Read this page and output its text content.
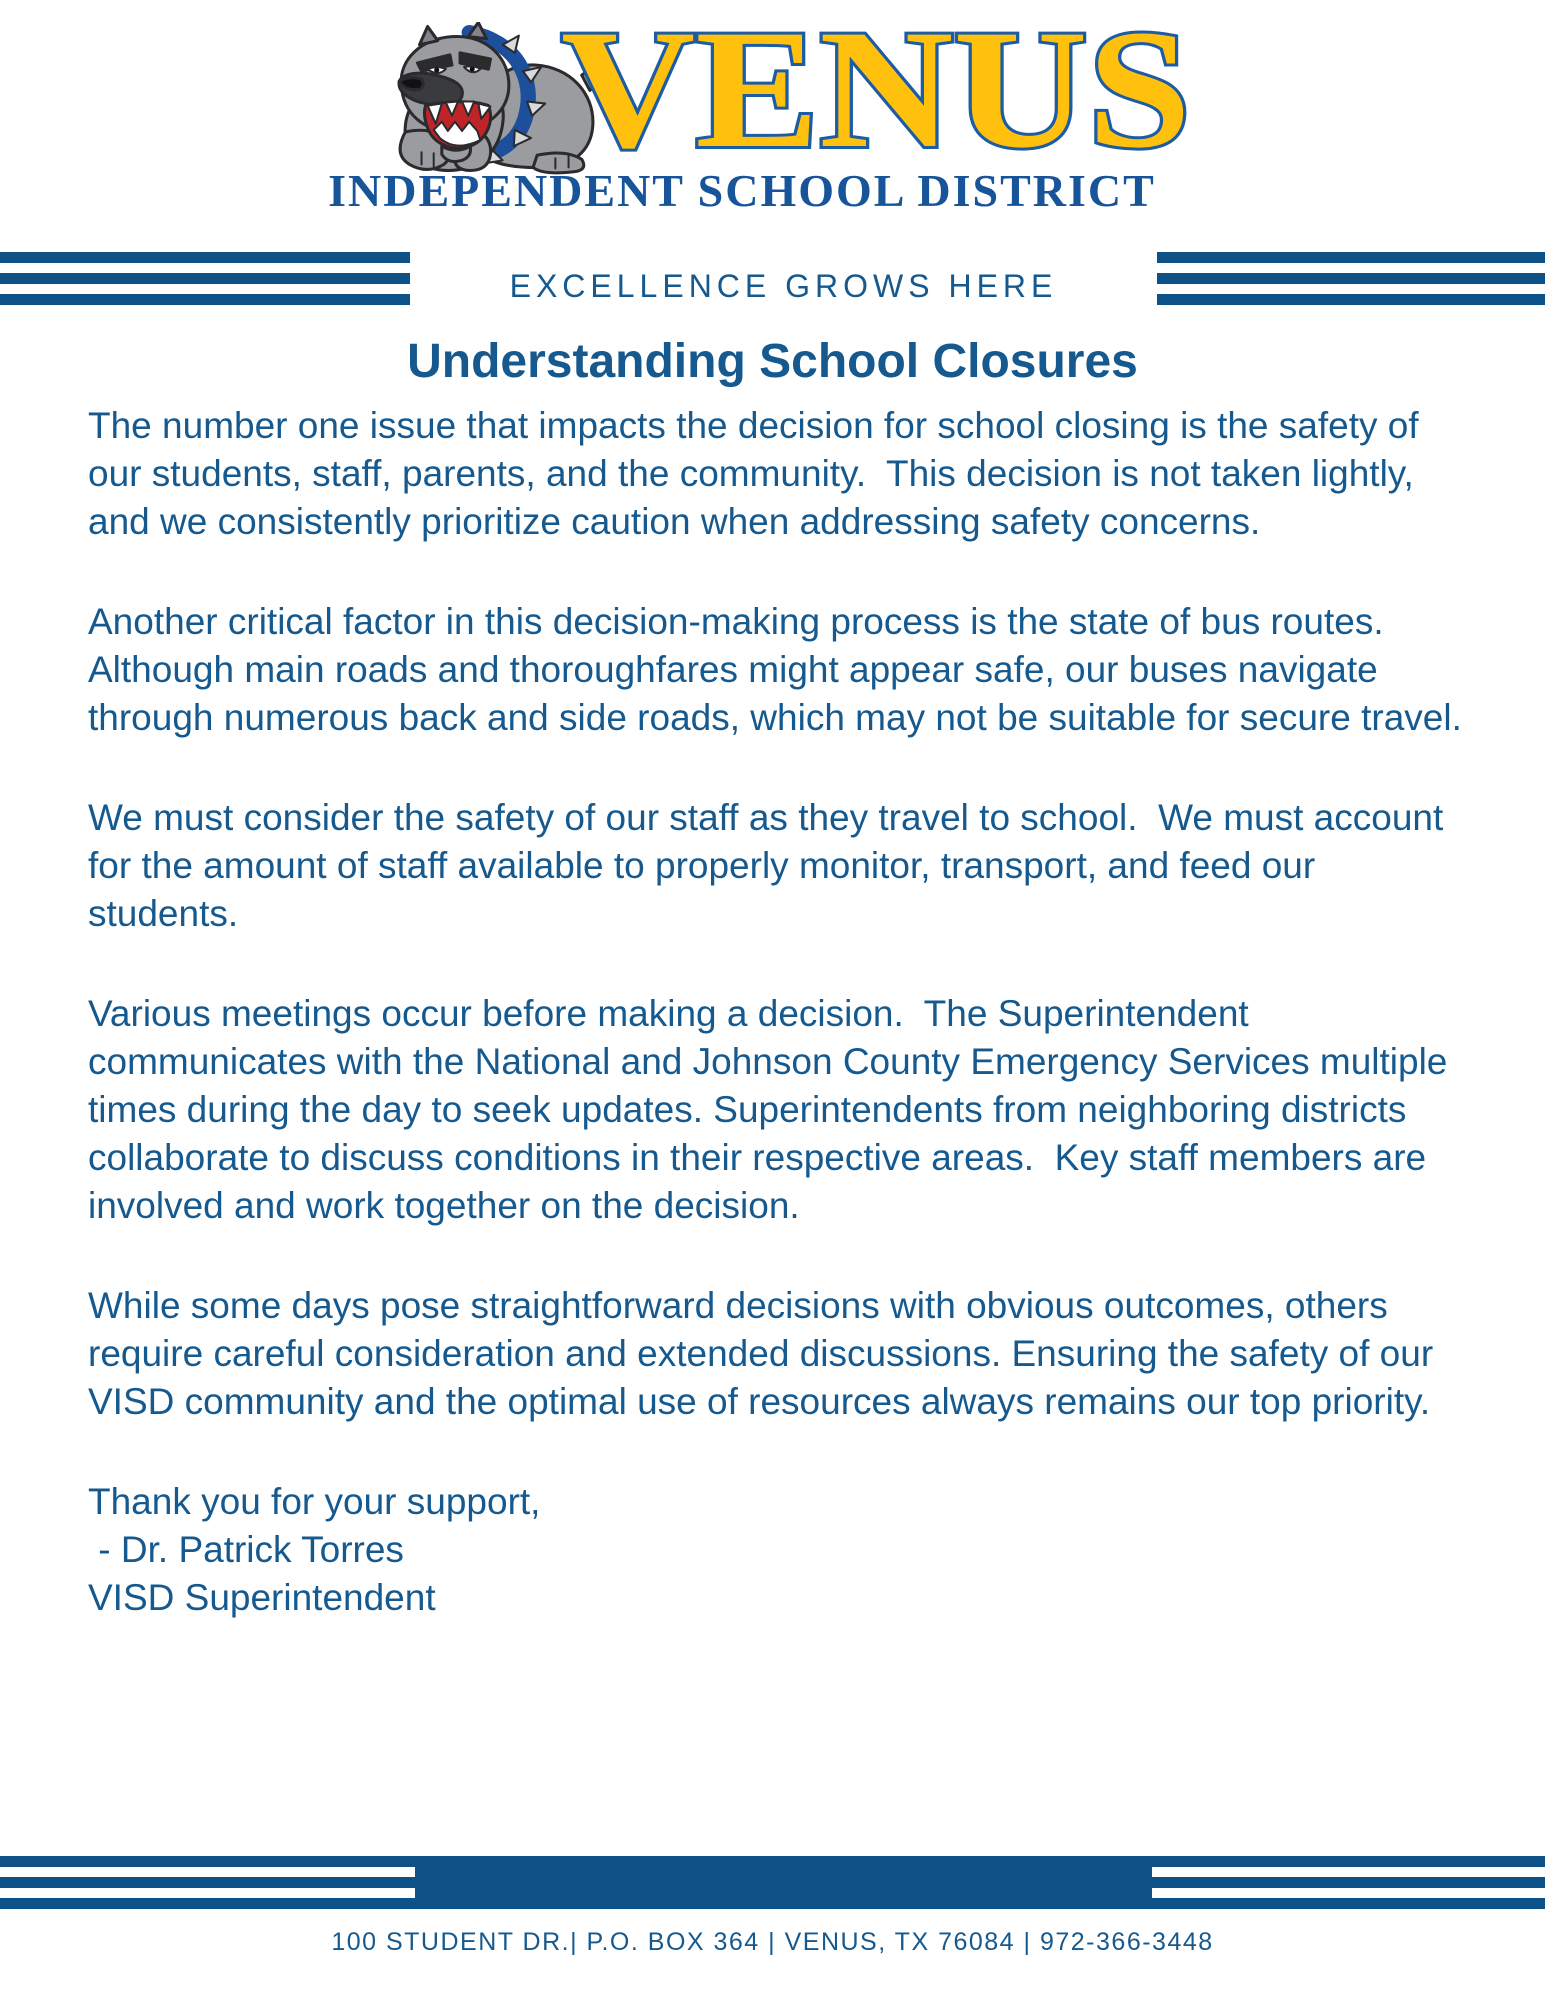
VENUS
INDEPENDENT SCHOOL DISTRICT
EXCELLENCE GROWS HERE
Understanding School Closures

The number one issue that impacts the decision for school closing is the safety of our students, staff, parents, and the community.  This decision is not taken lightly, and we consistently prioritize caution when addressing safety concerns.

Another critical factor in this decision-making process is the state of bus routes. Although main roads and thoroughfares might appear safe, our buses navigate through numerous back and side roads, which may not be suitable for secure travel.

We must consider the safety of our staff as they travel to school.  We must account for the amount of staff available to properly monitor, transport, and feed our students.

Various meetings occur before making a decision.  The Superintendent communicates with the National and Johnson County Emergency Services multiple times during the day to seek updates. Superintendents from neighboring districts collaborate to discuss conditions in their respective areas.  Key staff members are involved and work together on the decision.

While some days pose straightforward decisions with obvious outcomes, others require careful consideration and extended discussions. Ensuring the safety of our VISD community and the optimal use of resources always remains our top priority.

Thank you for your support,
- Dr. Patrick Torres
VISD Superintendent
100 STUDENT DR.| P.O. BOX 364 | VENUS, TX 76084 | 972-366-3448
